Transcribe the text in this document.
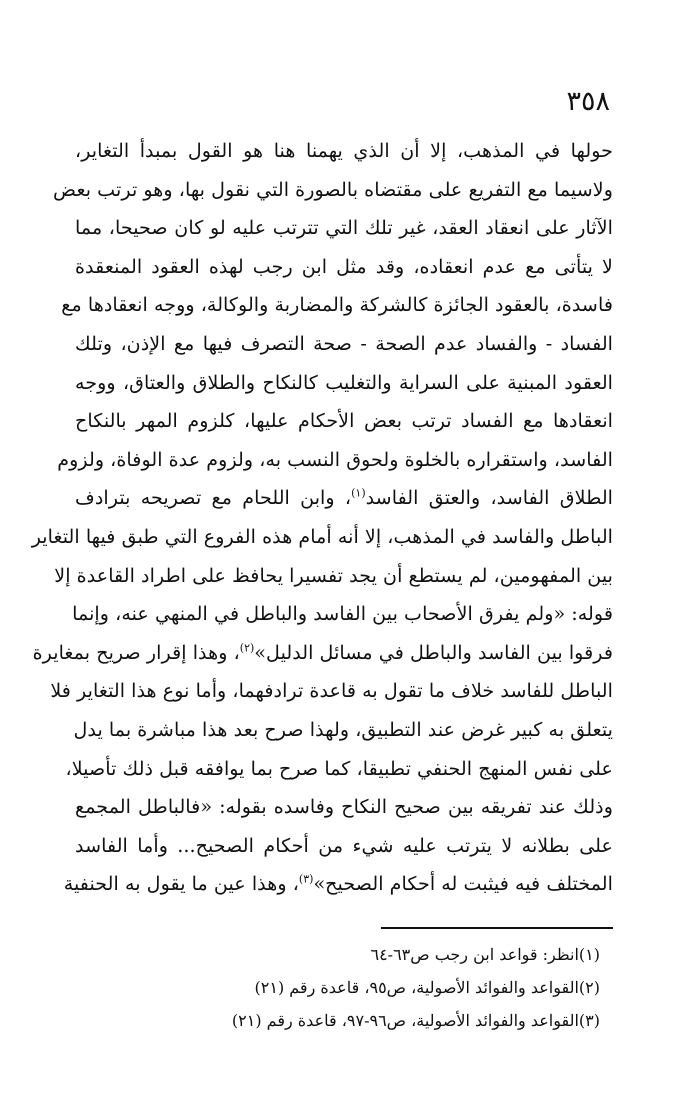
٣٥٨
حولها في المذهب، إلا أن الذي يهمنا هنا هو القول بمبدأ التغاير،
ولاسيما مع التفريع على مقتضاه بالصورة التي نقول بها، وهو ترتب بعض
الآثار على انعقاد العقد، غير تلك التي تترتب عليه لو كان صحيحا، مما
لا يتأتى مع عدم انعقاده، وقد مثل ابن رجب لهذه العقود المنعقدة
فاسدة، بالعقود الجائزة كالشركة والمضاربة والوكالة، ووجه انعقادها مع
الفساد - والفساد عدم الصحة - صحة التصرف فيها مع الإذن، وتلك
العقود المبنية على السراية والتغليب كالنكاح والطلاق والعتاق، ووجه
انعقادها مع الفساد ترتب بعض الأحكام عليها، كلزوم المهر بالنكاح
الفاسد، واستقراره بالخلوة ولحوق النسب به، ولزوم عدة الوفاة، ولزوم
الطلاق الفاسد، والعتق الفاسد$^{(١)}$، وابن اللحام مع تصريحه بترادف
الباطل والفاسد في المذهب، إلا أنه أمام هذه الفروع التي طبق فيها التغاير
بين المفهومين، لم يستطع أن يجد تفسيرا يحافظ على اطراد القاعدة إلا
قوله: «ولم يفرق الأصحاب بين الفاسد والباطل في المنهي عنه، وإنما
فرقوا بين الفاسد والباطل في مسائل الدليل»$^{(٢)}$، وهذا إقرار صريح بمغايرة
الباطل للفاسد خلاف ما تقول به قاعدة ترادفهما، وأما نوع هذا التغاير فلا
يتعلق به كبير غرض عند التطبيق، ولهذا صرح بعد هذا مباشرة بما يدل
على نفس المنهج الحنفي تطبيقا، كما صرح بما يوافقه قبل ذلك تأصيلا،
وذلك عند تفريقه بين صحيح النكاح وفاسده بقوله: «فالباطل المجمع
على بطلانه لا يترتب عليه شيء من أحكام الصحيح... وأما الفاسد
المختلف فيه فيثبت له أحكام الصحيح»$^{(٣)}$، وهذا عين ما يقول به الحنفية
(١)انظر: قواعد ابن رجب ص٦٣-٦٤
(٢)القواعد والفوائد الأصولية، ص٩٥، قاعدة رقم (٢١)
(٣)القواعد والفوائد الأصولية، ص٩٦-٩٧، قاعدة رقم (٢١)
